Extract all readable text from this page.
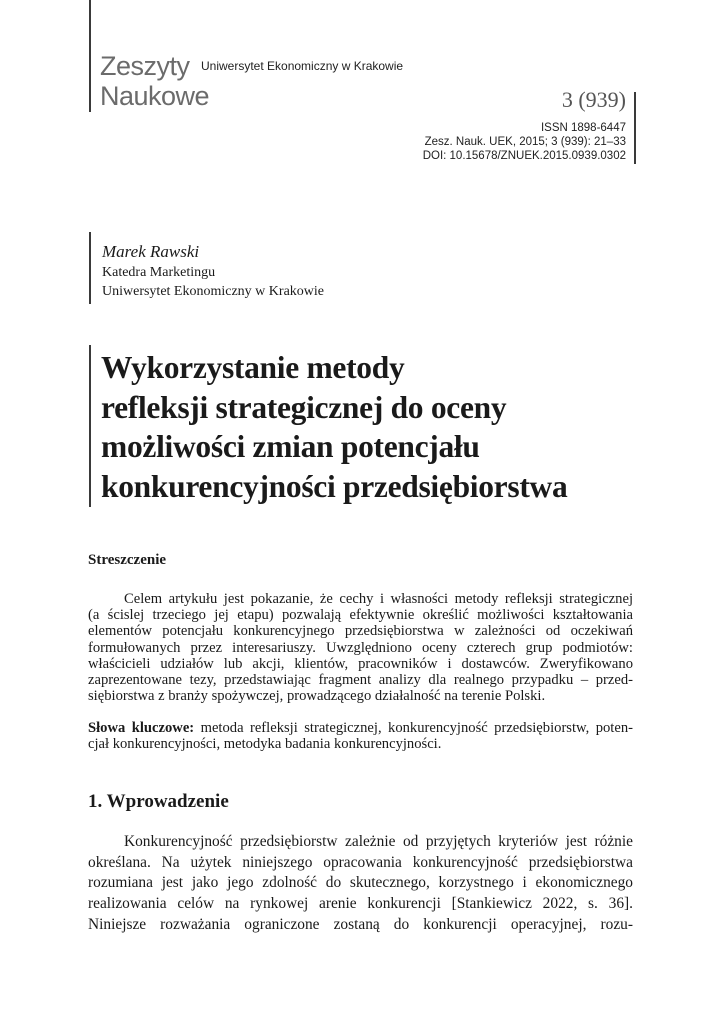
Zeszyty
Naukowe
Uniwersytet Ekonomiczny w Krakowie
3 (939)
ISSN 1898-6447
Zesz. Nauk. UEK, 2015; 3 (939): 21–33
DOI: 10.15678/ZNUEK.2015.0939.0302
Marek Rawski
Katedra Marketingu
Uniwersytet Ekonomiczny w Krakowie
Wykorzystanie metody
refleksji strategicznej do oceny
możliwości zmian potencjału
konkurencyjności przedsiębiorstwa
Streszczenie
Celem artykułu jest pokazanie, że cechy i własności metody refleksji strategicznej
(a ścislej trzeciego jej etapu) pozwalają efektywnie określić możliwości kształtowania
elementów potencjału konkurencyjnego przedsiębiorstwa w zależności od oczekiwań
formułowanych przez interesariuszy. Uwzględniono oceny czterech grup podmiotów:
właścicieli udziałów lub akcji, klientów, pracowników i dostawców. Zweryfikowano
zaprezentowane tezy, przedstawiając fragment analizy dla realnego przypadku – przed-
siębiorstwa z branży spożywczej, prowadzącego działalność na terenie Polski.
Słowa kluczowe: metoda refleksji strategicznej, konkurencyjność przedsiębiorstw, poten-
cjał konkurencyjności, metodyka badania konkurencyjności.
1. Wprowadzenie
Konkurencyjność przedsiębiorstw zależnie od przyjętych kryteriów jest różnie
określana. Na użytek niniejszego opracowania konkurencyjność przedsiębiorstwa
rozumiana jest jako jego zdolność do skutecznego, korzystnego i ekonomicznego
realizowania celów na rynkowej arenie konkurencji [Stankiewicz 2022, s. 36].
Niniejsze rozważania ograniczone zostaną do konkurencji operacyjnej, rozu-
